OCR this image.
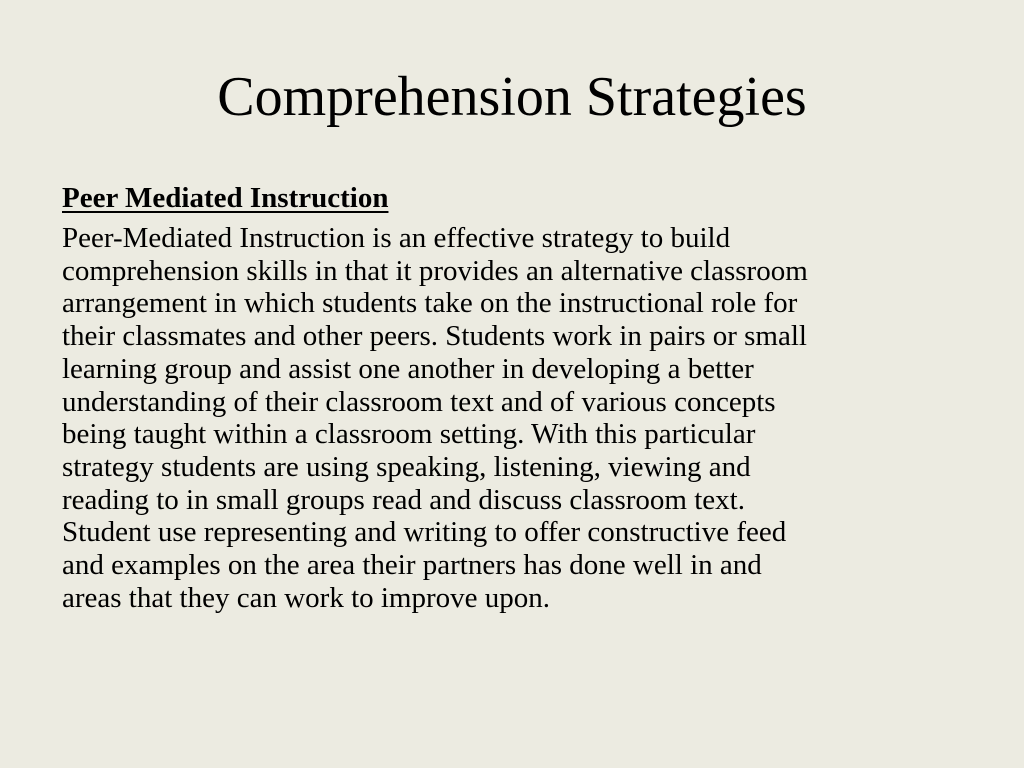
Comprehension Strategies

Peer Mediated Instruction

Peer-Mediated Instruction is an effective strategy to build
comprehension skills in that it provides an alternative classroom
arrangement in which students take on the instructional role for
their classmates and other peers. Students work in pairs or small
learning group and assist one another in developing a better
understanding of their classroom text and of various concepts
being taught within a classroom setting. With this particular
strategy students are using speaking, listening, viewing and
reading to in small groups read and discuss classroom text.
Student use representing and writing to offer constructive feed
and examples on the area their partners has done well in and
areas that they can work to improve upon.
